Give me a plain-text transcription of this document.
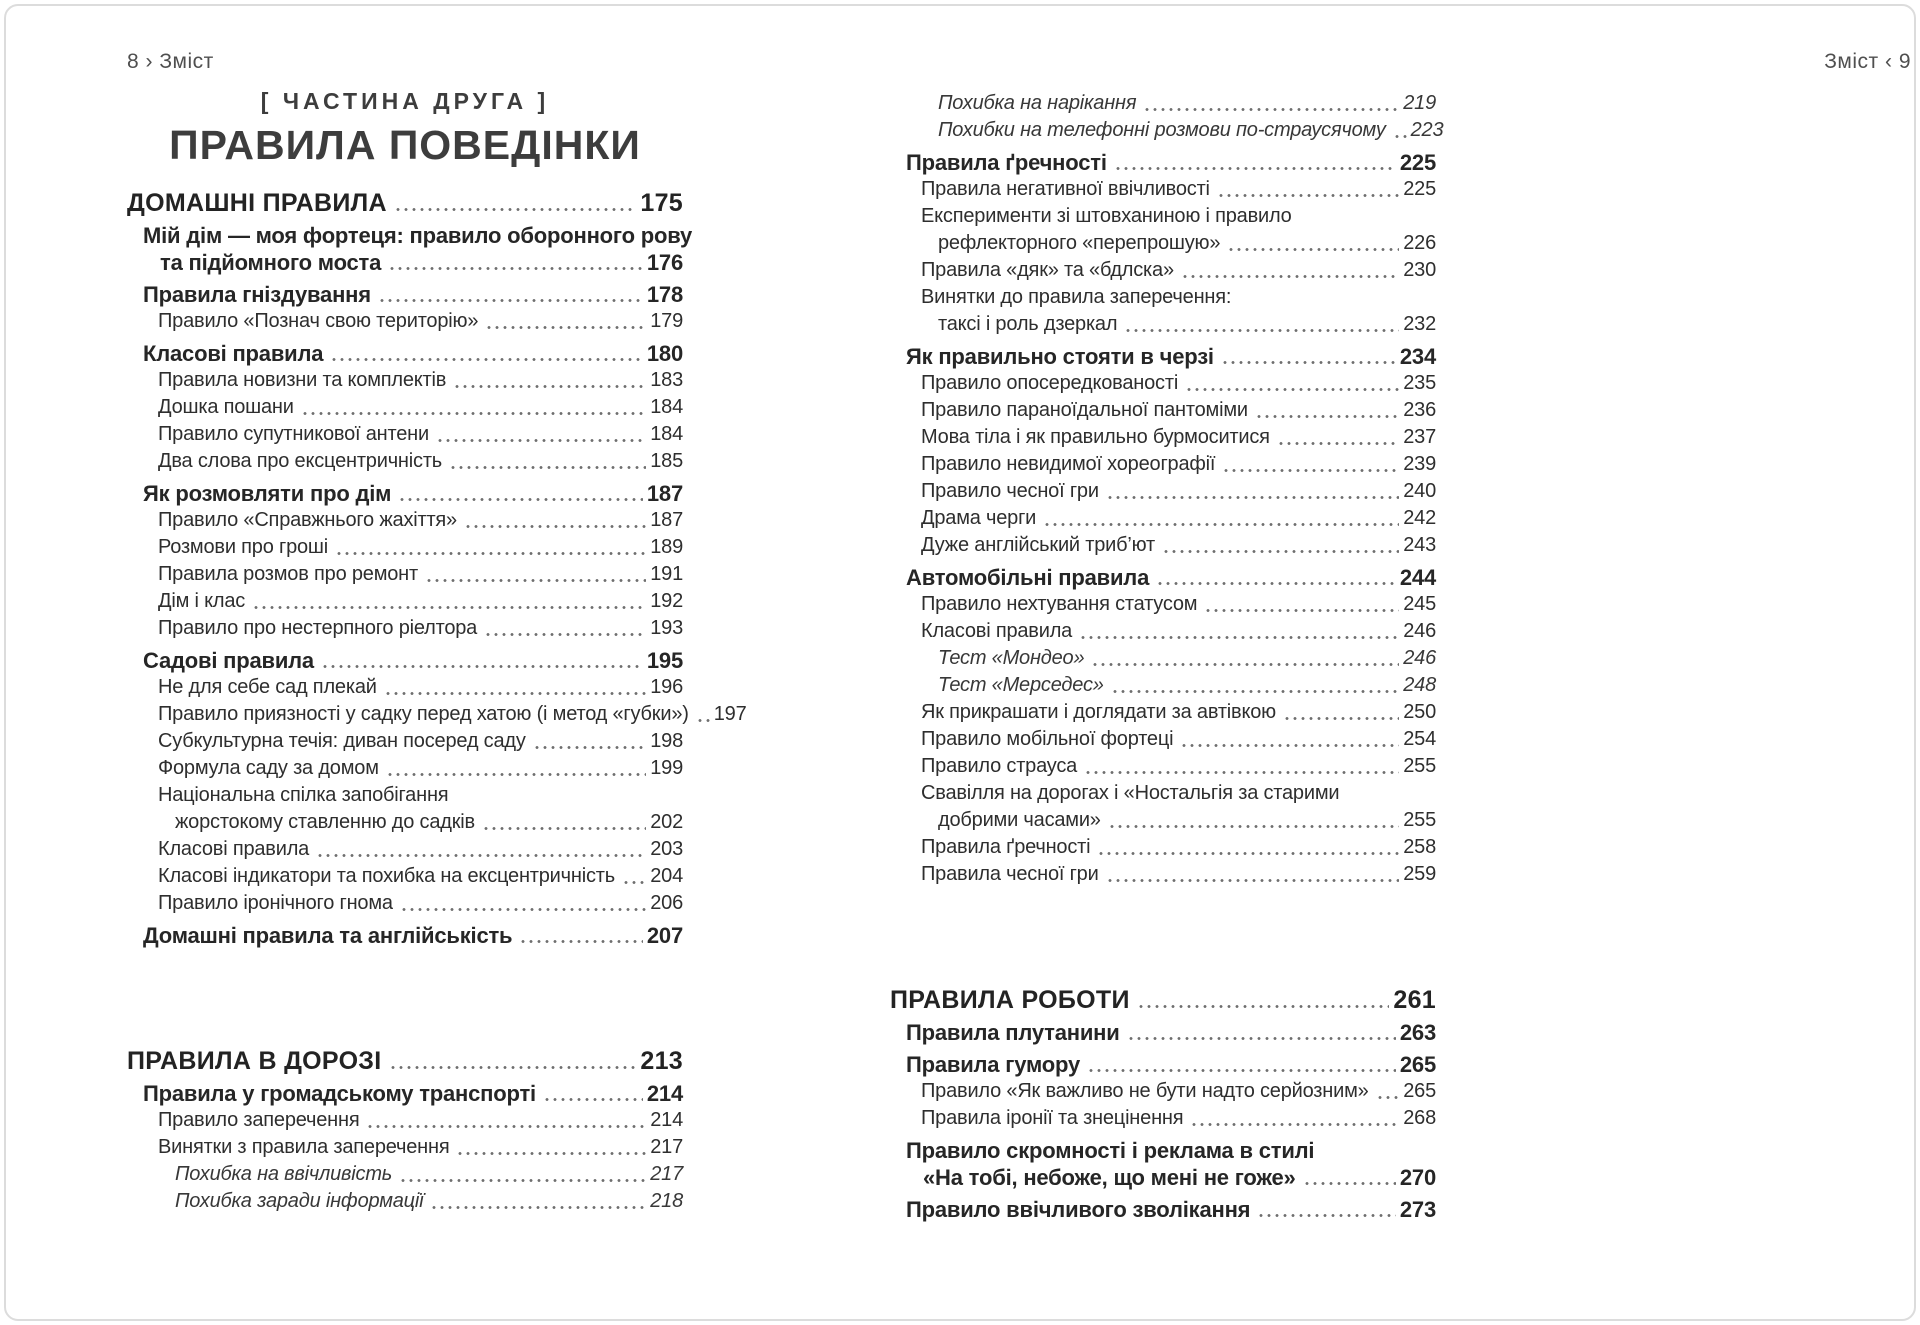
8 › Зміст
[ ЧАСТИНА ДРУГА ]
ПРАВИЛА ПОВЕДІНКИ
ДОМАШНІ ПРАВИЛА	175
Мій дім — моя фортеця: правило оборонного рову
та підйомного моста	176
Правила гніздування	178
Правило «Познач свою територію»	179
Класові правила	180
Правила новизни та комплектів	183
Дошка пошани	184
Правило супутникової антени	184
Два слова про ексцентричність	185
Як розмовляти про дім	187
Правило «Справжнього жахіття»	187
Розмови про гроші	189
Правила розмов про ремонт	191
Дім і клас	192
Правило про нестерпного ріелтора	193
Садові правила	195
Не для себе сад плекай	196
Правило приязності у садку перед хатою (і метод «губки») 197
Субкультурна течія: диван посеред саду	198
Формула саду за домом	199
Національна спілка запобігання
жорстокому ставленню до садків	202
Класові правила	203
Класові індикатори та похибка на ексцентричність 204
Правило іронічного гнома	206
Домашні правила та англійськість	207
ПРАВИЛА В ДОРОЗІ	213
Правила у громадському транспорті	214
Правило заперечення	214
Винятки з правила заперечення	217
Похибка на ввічливість	217
Похибка заради інформації	218
Зміст ‹ 9
Похибка на нарікання	219
Похибки на телефонні розмови по-страусячому 223
Правила ґречності	225
Правила негативної ввічливості	225
Експерименти зі штовханиною і правило
рефлекторного «перепрошую»	226
Правила «дяк» та «бдлска»	230
Винятки до правила заперечення:
таксі і роль дзеркал	232
Як правильно стояти в черзі	234
Правило опосередкованості	235
Правило параноїдальної пантоміми	236
Мова тіла і як правильно бурмоситися	237
Правило невидимої хореографії	239
Правило чесної гри	240
Драма черги	242
Дуже англійський триб’ют	243
Автомобільні правила	244
Правило нехтування статусом	245
Класові правила	246
Тест «Мондео»	246
Тест «Мерседес»	248
Як прикрашати і доглядати за автівкою	250
Правило мобільної фортеці	254
Правило страуса	255
Свавілля на дорогах і «Ностальгія за старими
добрими часами»	255
Правила ґречності	258
Правила чесної гри	259
ПРАВИЛА РОБОТИ	261
Правила плутанини	263
Правила гумору	265
Правило «Як важливо не бути надто серйозним» 265
Правила іронії та знецінення	268
Правило скромності і реклама в стилі
«На тобі, небоже, що мені не гоже»	270
Правило ввічливого зволікання	273
